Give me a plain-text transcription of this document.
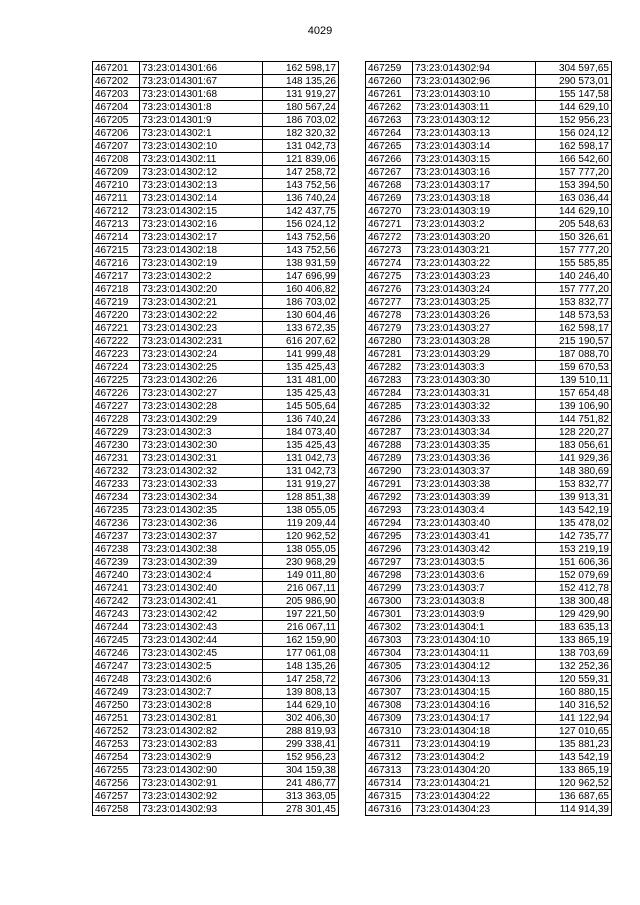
4029
467201	73:23:014301:66	162 598,17
467202	73:23:014301:67	148 135,26
467203	73:23:014301:68	131 919,27
467204	73:23:014301:8	180 567,24
467205	73:23:014301:9	186 703,02
467206	73:23:014302:1	182 320,32
467207	73:23:014302:10	131 042,73
467208	73:23:014302:11	121 839,06
467209	73:23:014302:12	147 258,72
467210	73:23:014302:13	143 752,56
467211	73:23:014302:14	136 740,24
467212	73:23:014302:15	142 437,75
467213	73:23:014302:16	156 024,12
467214	73:23:014302:17	143 752,56
467215	73:23:014302:18	143 752,56
467216	73:23:014302:19	138 931,59
467217	73:23:014302:2	147 696,99
467218	73:23:014302:20	160 406,82
467219	73:23:014302:21	186 703,02
467220	73:23:014302:22	130 604,46
467221	73:23:014302:23	133 672,35
467222	73:23:014302:231	616 207,62
467223	73:23:014302:24	141 999,48
467224	73:23:014302:25	135 425,43
467225	73:23:014302:26	131 481,00
467226	73:23:014302:27	135 425,43
467227	73:23:014302:28	145 505,64
467228	73:23:014302:29	136 740,24
467229	73:23:014302:3	184 073,40
467230	73:23:014302:30	135 425,43
467231	73:23:014302:31	131 042,73
467232	73:23:014302:32	131 042,73
467233	73:23:014302:33	131 919,27
467234	73:23:014302:34	128 851,38
467235	73:23:014302:35	138 055,05
467236	73:23:014302:36	119 209,44
467237	73:23:014302:37	120 962,52
467238	73:23:014302:38	138 055,05
467239	73:23:014302:39	230 968,29
467240	73:23:014302:4	149 011,80
467241	73:23:014302:40	216 067,11
467242	73:23:014302:41	205 986,90
467243	73:23:014302:42	197 221,50
467244	73:23:014302:43	216 067,11
467245	73:23:014302:44	162 159,90
467246	73:23:014302:45	177 061,08
467247	73:23:014302:5	148 135,26
467248	73:23:014302:6	147 258,72
467249	73:23:014302:7	139 808,13
467250	73:23:014302:8	144 629,10
467251	73:23:014302:81	302 406,30
467252	73:23:014302:82	288 819,93
467253	73:23:014302:83	299 338,41
467254	73:23:014302:9	152 956,23
467255	73:23:014302:90	304 159,38
467256	73:23:014302:91	241 486,77
467257	73:23:014302:92	313 363,05
467258	73:23:014302:93	278 301,45
467259	73:23:014302:94	304 597,65
467260	73:23:014302:96	290 573,01
467261	73:23:014303:10	155 147,58
467262	73:23:014303:11	144 629,10
467263	73:23:014303:12	152 956,23
467264	73:23:014303:13	156 024,12
467265	73:23:014303:14	162 598,17
467266	73:23:014303:15	166 542,60
467267	73:23:014303:16	157 777,20
467268	73:23:014303:17	153 394,50
467269	73:23:014303:18	163 036,44
467270	73:23:014303:19	144 629,10
467271	73:23:014303:2	205 548,63
467272	73:23:014303:20	150 326,61
467273	73:23:014303:21	157 777,20
467274	73:23:014303:22	155 585,85
467275	73:23:014303:23	140 246,40
467276	73:23:014303:24	157 777,20
467277	73:23:014303:25	153 832,77
467278	73:23:014303:26	148 573,53
467279	73:23:014303:27	162 598,17
467280	73:23:014303:28	215 190,57
467281	73:23:014303:29	187 088,70
467282	73:23:014303:3	159 670,53
467283	73:23:014303:30	139 510,11
467284	73:23:014303:31	157 654,48
467285	73:23:014303:32	139 106,90
467286	73:23:014303:33	144 751,82
467287	73:23:014303:34	128 220,27
467288	73:23:014303:35	183 056,61
467289	73:23:014303:36	141 929,36
467290	73:23:014303:37	148 380,69
467291	73:23:014303:38	153 832,77
467292	73:23:014303:39	139 913,31
467293	73:23:014303:4	143 542,19
467294	73:23:014303:40	135 478,02
467295	73:23:014303:41	142 735,77
467296	73:23:014303:42	153 219,19
467297	73:23:014303:5	151 606,36
467298	73:23:014303:6	152 079,69
467299	73:23:014303:7	152 412,78
467300	73:23:014303:8	138 300,48
467301	73:23:014303:9	129 429,90
467302	73:23:014304:1	183 635,13
467303	73:23:014304:10	133 865,19
467304	73:23:014304:11	138 703,69
467305	73:23:014304:12	132 252,36
467306	73:23:014304:13	120 559,31
467307	73:23:014304:15	160 880,15
467308	73:23:014304:16	140 316,52
467309	73:23:014304:17	141 122,94
467310	73:23:014304:18	127 010,65
467311	73:23:014304:19	135 881,23
467312	73:23:014304:2	143 542,19
467313	73:23:014304:20	133 865,19
467314	73:23:014304:21	120 962,52
467315	73:23:014304:22	136 687,65
467316	73:23:014304:23	114 914,39
